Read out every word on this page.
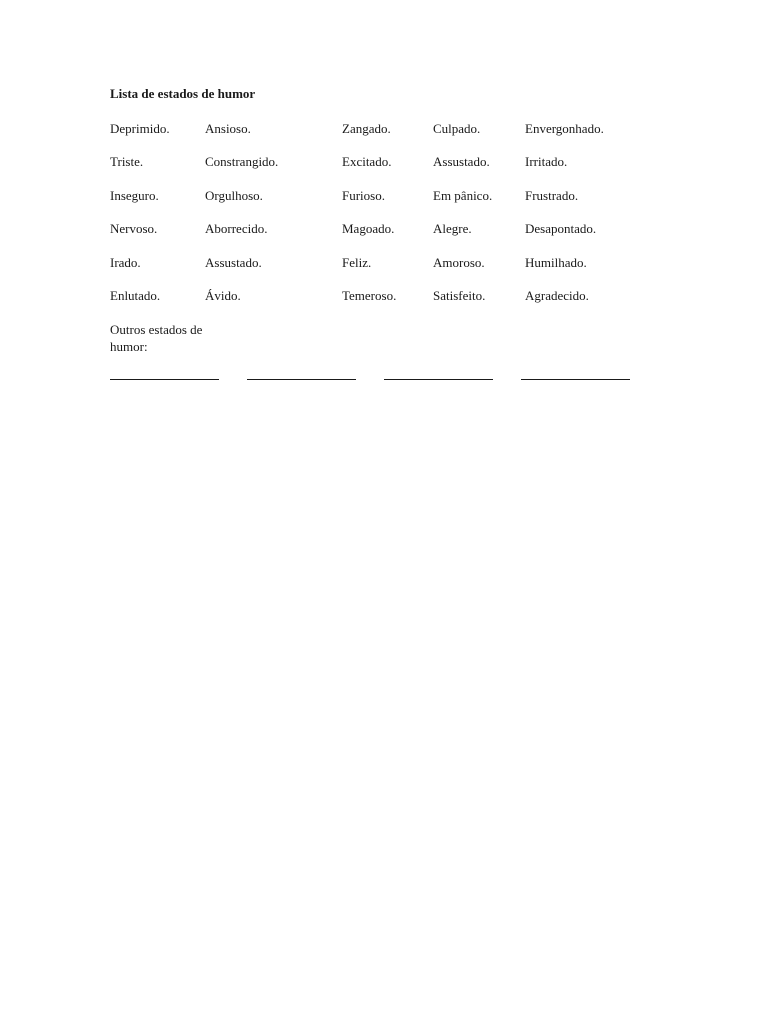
Lista de estados de humor
Deprimido.	Ansioso.	Zangado.	Culpado.	Envergonhado.
Triste.	Constrangido.	Excitado.	Assustado.	Irritado.
Inseguro.	Orgulhoso.	Furioso.	Em pânico.	Frustrado.
Nervoso.	Aborrecido.	Magoado.	Alegre.	Desapontado.
Irado.	Assustado.	Feliz.	Amoroso.	Humilhado.
Enlutado.	Ávido.	Temeroso.	Satisfeito.	Agradecido.
Outros estados de humor:
